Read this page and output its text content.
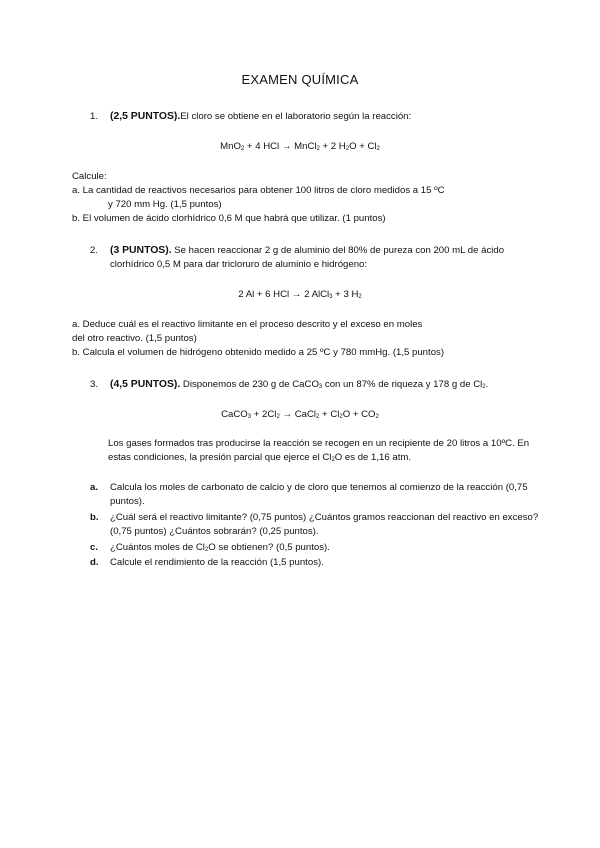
EXAMEN QUÍMICA
1. (2,5 PUNTOS).El cloro se obtiene en el laboratorio según la reacción:
MnO$_2$ + 4 HCl → MnCl$_2$ + 2 $H_2O + Cl_2$
Calcule:
a. La cantidad de reactivos necesarios para obtener 100 litros de cloro medidos a 15 ºC
y 720 mm Hg. (1,5 puntos)
b. El volumen de ácido clorhídrico 0,6 M que habrá que utilizar. (1 puntos)
2. (3 PUNTOS). Se hacen reaccionar 2 g de aluminio del 80% de pureza con 200 mL de ácido
clorhídrico 0,5 M para dar tricloruro de aluminio e hidrógeno:
2 Al + 6 HCl → 2 AlCl$_3$ + 3 $H_2$
a. Deduce cuál es el reactivo limitante en el proceso descrito y el exceso en moles
del otro reactivo. (1,5 puntos)
b. Calcula el volumen de hidrógeno obtenido medido a 25 ºC y 780 mmHg. (1,5 puntos)
3. (4,5 PUNTOS). Disponemos de 230 g de CaCO$_3$ con un 87% de riqueza y 178 g de $Cl_2$.
CaCO$_3$ + $2Cl_2$ → CaCl$_2$ + $Cl_2O + CO_2$
Los gases formados tras producirse la reacción se recogen en un recipiente de 20 litros a 10ºC. En
estas condiciones, la presión parcial que ejerce el $Cl_2O$ es de 1,16 atm.
a. Calcula los moles de carbonato de calcio y de cloro que tenemos al comienzo de la reacción (0,75
puntos).
b. ¿Cuál será el reactivo limitante? (0,75 puntos) ¿Cuántos gramos reaccionan del reactivo en exceso?
(0,75 puntos) ¿Cuántos sobrarán? (0,25 puntos).
c. ¿Cuántos moles de $Cl_2O$ se obtienen? (0,5 puntos).
d. Calcule el rendimiento de la reacción (1,5 puntos).
